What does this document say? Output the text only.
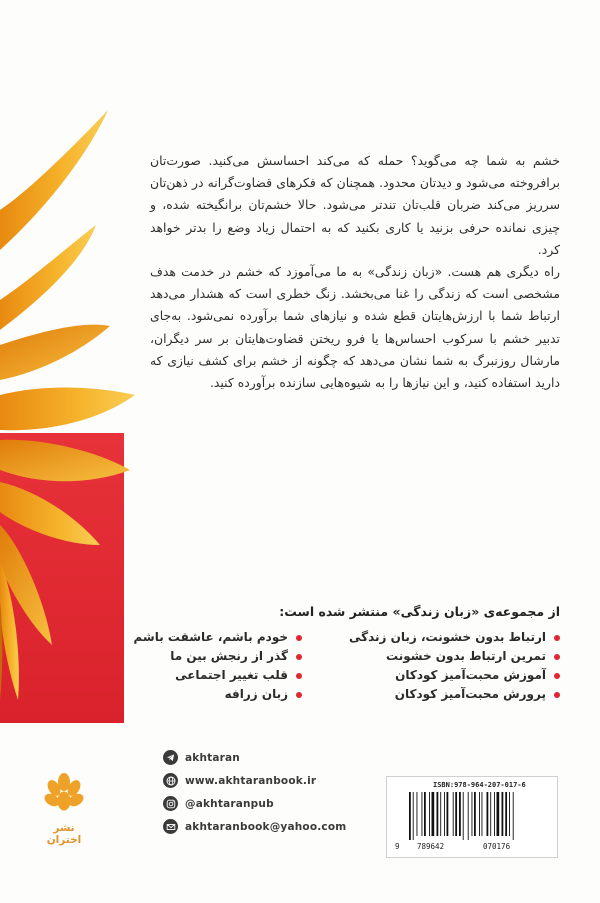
خشم به شما چه می‌گوید؟ حمله که می‌کند احساسش می‌کنید. صورت‌تان برافروخته می‌شود و دیدتان محدود. همچنان که فکرهای قضاوت‌گرانه در ذهن‌تان سرریز می‌کند ضربان قلب‌تان تندتر می‌شود. حالا خشم‌تان برانگیخته شده، و چیزی نمانده حرفی بزنید یا کاری بکنید که به احتمال زیاد وضع را بدتر خواهد کرد.

راه دیگری هم هست. «زبان زندگی» به ما می‌آموزد که خشم در خدمت هدف مشخصی است که زندگی را غنا می‌بخشد. زنگ خطری است که هشدار می‌دهد ارتباط شما با ارزش‌هایتان قطع شده و نیازهای شما برآورده نمی‌شود. به‌جای تدبیر خشم با سرکوب احساس‌ها یا فرو ریختن قضاوت‌هایتان بر سر دیگران، مارشال روزنبرگ به شما نشان می‌دهد که چگونه از خشم برای کشف نیازی که دارید استفاده کنید، و این نیازها را به شیوه‌هایی سازنده برآورده کنید.

از مجموعه‌ی «زبان زندگی» منتشر شده است:
ارتباط بدون خشونت، زبان زندگی
تمرین ارتباط بدون خشونت
آموزش محبت‌آمیز کودکان
پرورش محبت‌آمیز کودکان
خودم باشم، عاشقت باشم
گذر از رنجش بین ما
قلب تغییر اجتماعی
زبان زرافه
akhtaran
www.akhtaranbook.ir
@akhtaranpub
akhtaranbook@yahoo.com
نشر اختران
ISBN:978-964-207-017-6
9 789642	070176
